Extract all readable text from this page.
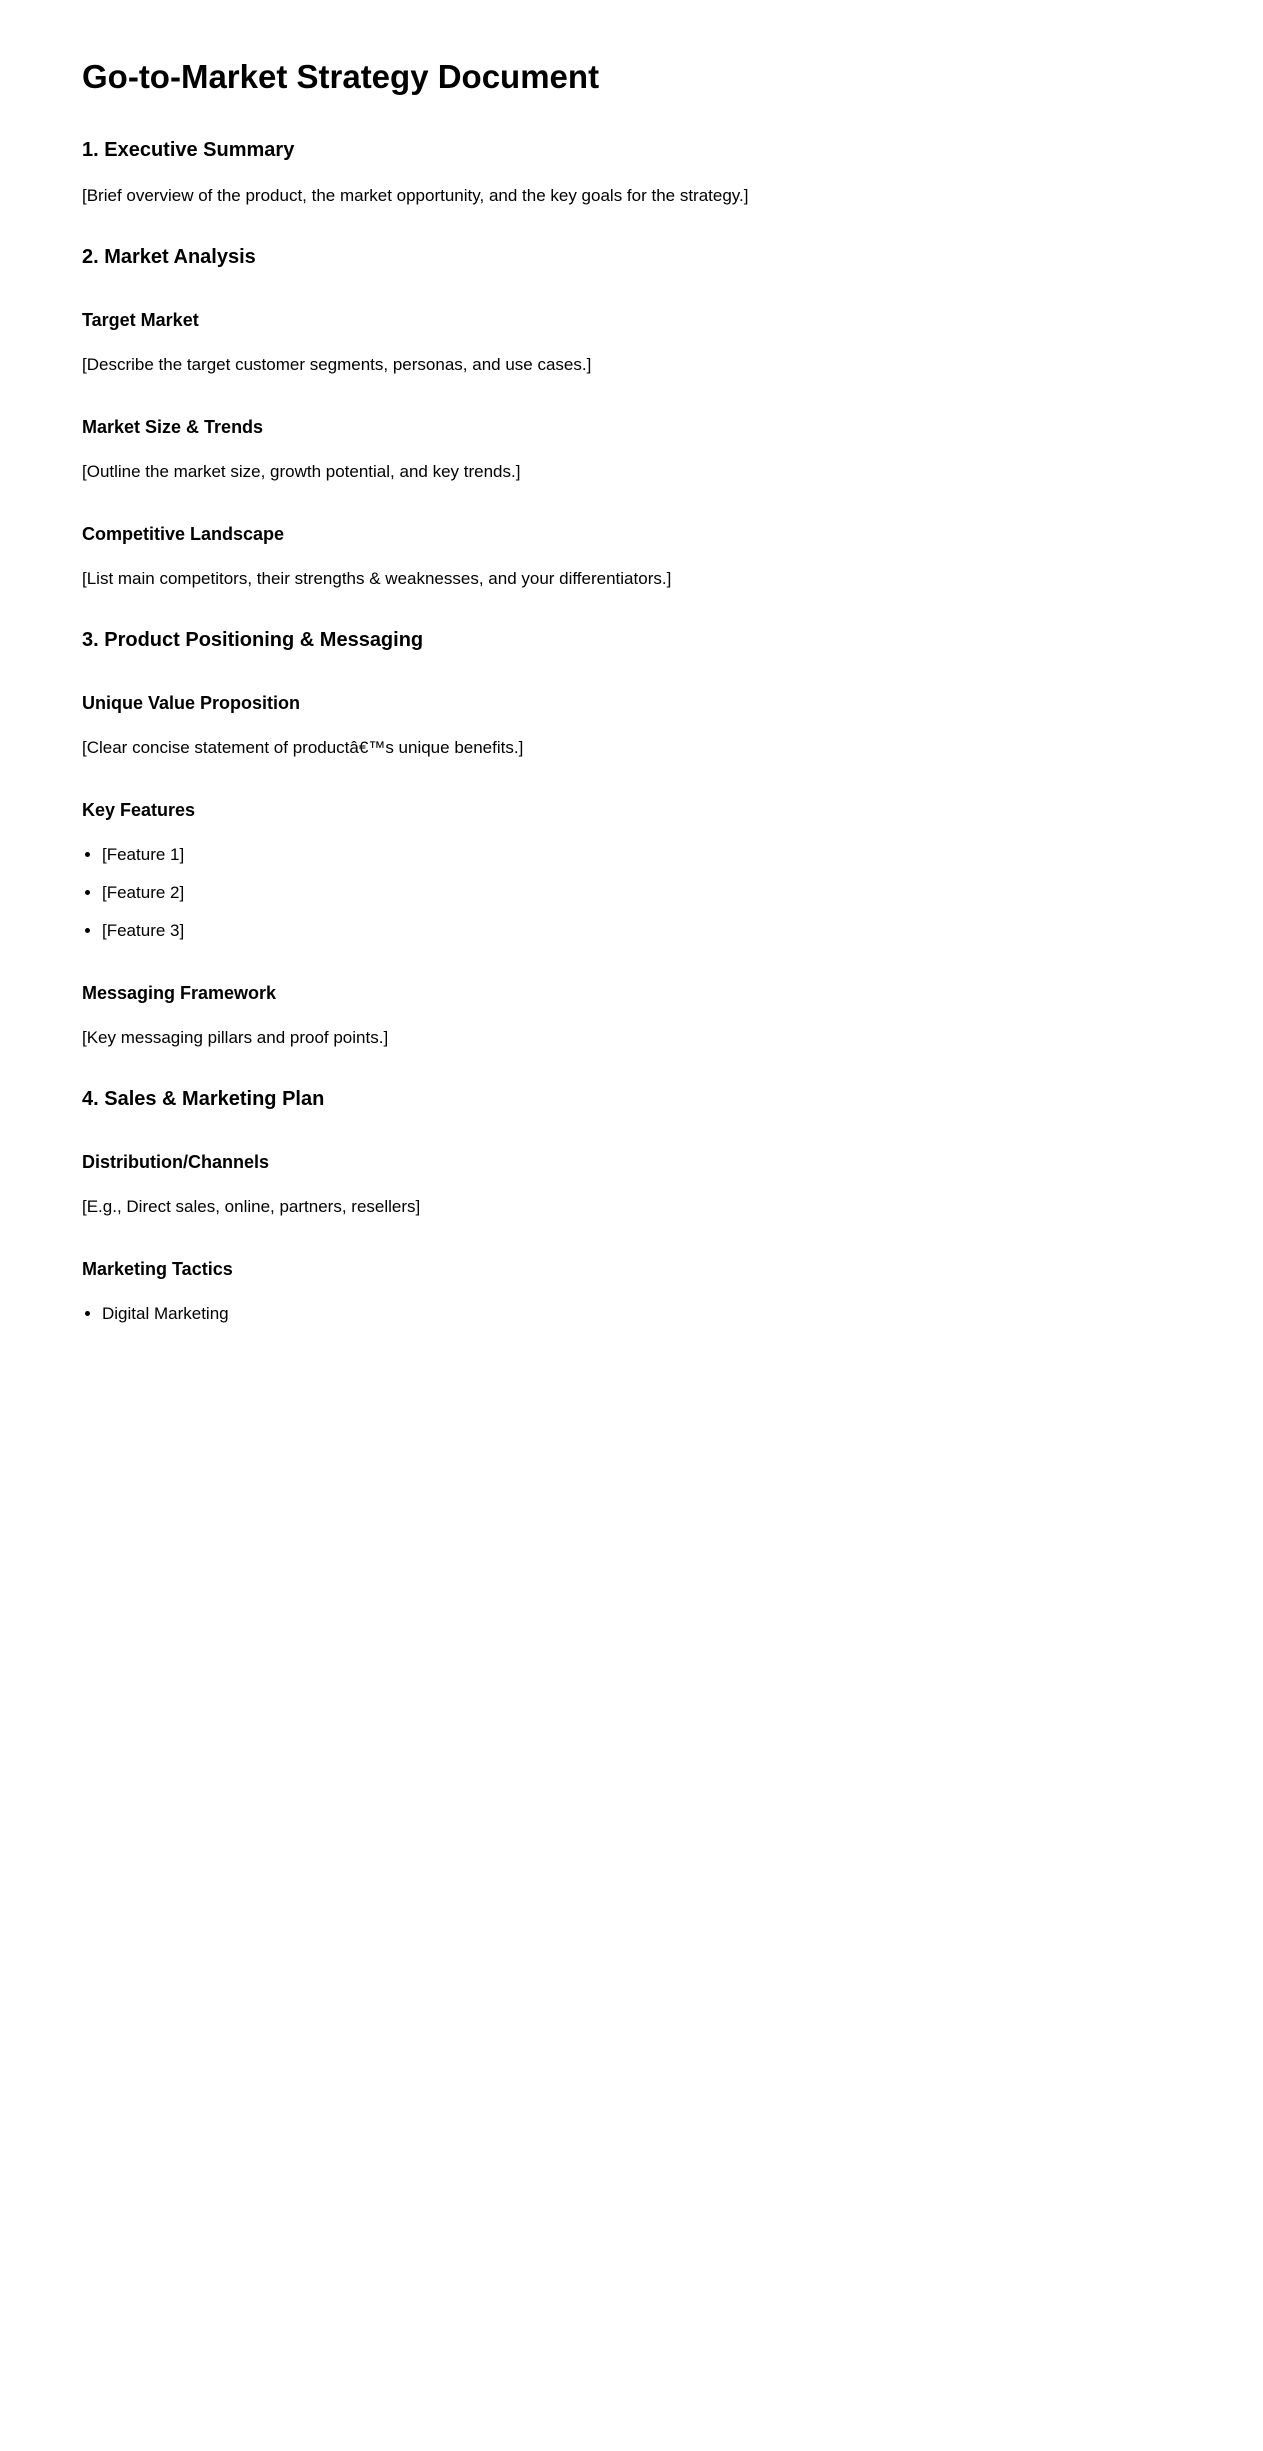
Go-to-Market Strategy Document
1. Executive Summary

[Brief overview of the product, the market opportunity, and the key goals for the strategy.]

2. Market Analysis
Target Market

[Describe the target customer segments, personas, and use cases.]

Market Size & Trends

[Outline the market size, growth potential, and key trends.]

Competitive Landscape

[List main competitors, their strengths & weaknesses, and your differentiators.]

3. Product Positioning & Messaging
Unique Value Proposition

[Clear concise statement of productâ€™s unique benefits.]

Key Features
• [Feature 1]
• [Feature 2]
• [Feature 3]
Messaging Framework

[Key messaging pillars and proof points.]

4. Sales & Marketing Plan
Distribution/Channels

[E.g., Direct sales, online, partners, resellers]

Marketing Tactics
• Digital Marketing
